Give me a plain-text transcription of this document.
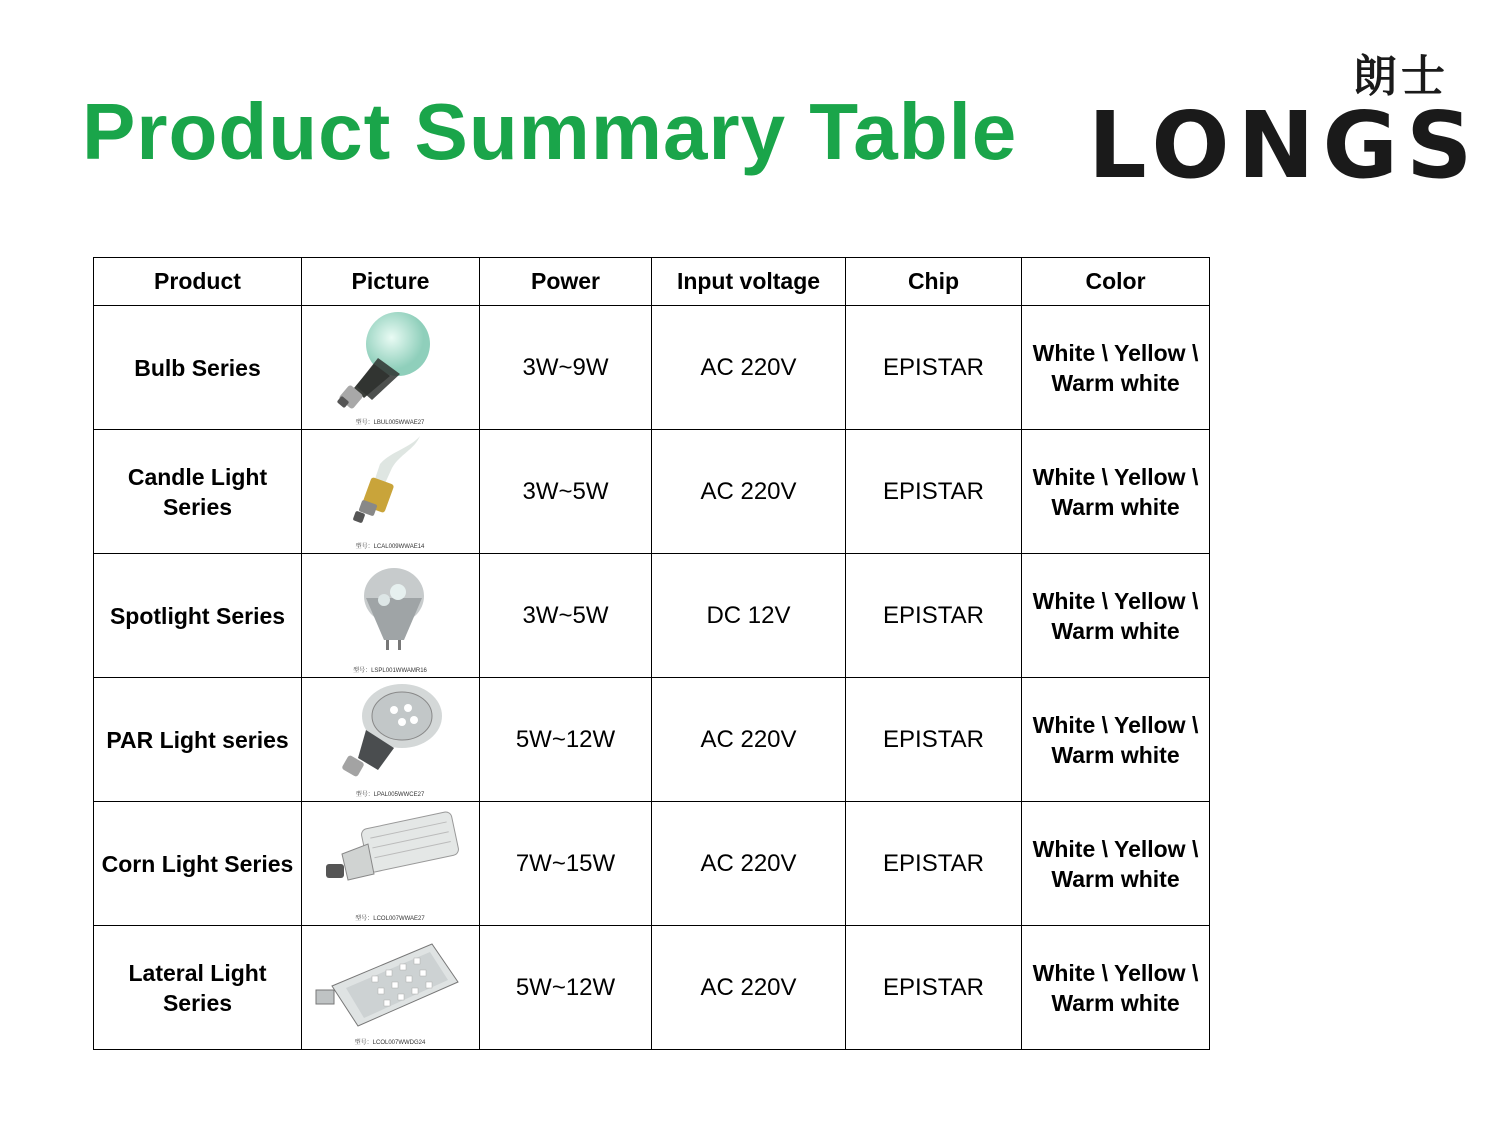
Product Summary Table
朗士
LONGS
Product	Picture	Power	Input voltage	Chip	Color
Bulb Series	型号：LBUL005WWAE27	3W~9W	AC 220V	EPISTAR	White \ Yellow \
Warm white
Candle Light Series	型号：LCAL009WWAE14	3W~5W	AC 220V	EPISTAR	White \ Yellow \
Warm white
Spotlight Series	型号：LSPL001WWAMR16	3W~5W	DC 12V	EPISTAR	White \ Yellow \
Warm white
PAR Light series	型号：LPAL005WWCE27	5W~12W	AC 220V	EPISTAR	White \ Yellow \
Warm white
Corn Light Series	型号：LCOL007WWAE27	7W~15W	AC 220V	EPISTAR	White \ Yellow \
Warm white
Lateral Light Series	型号：LCOL007WWDG24	5W~12W	AC 220V	EPISTAR	White \ Yellow \
Warm white
